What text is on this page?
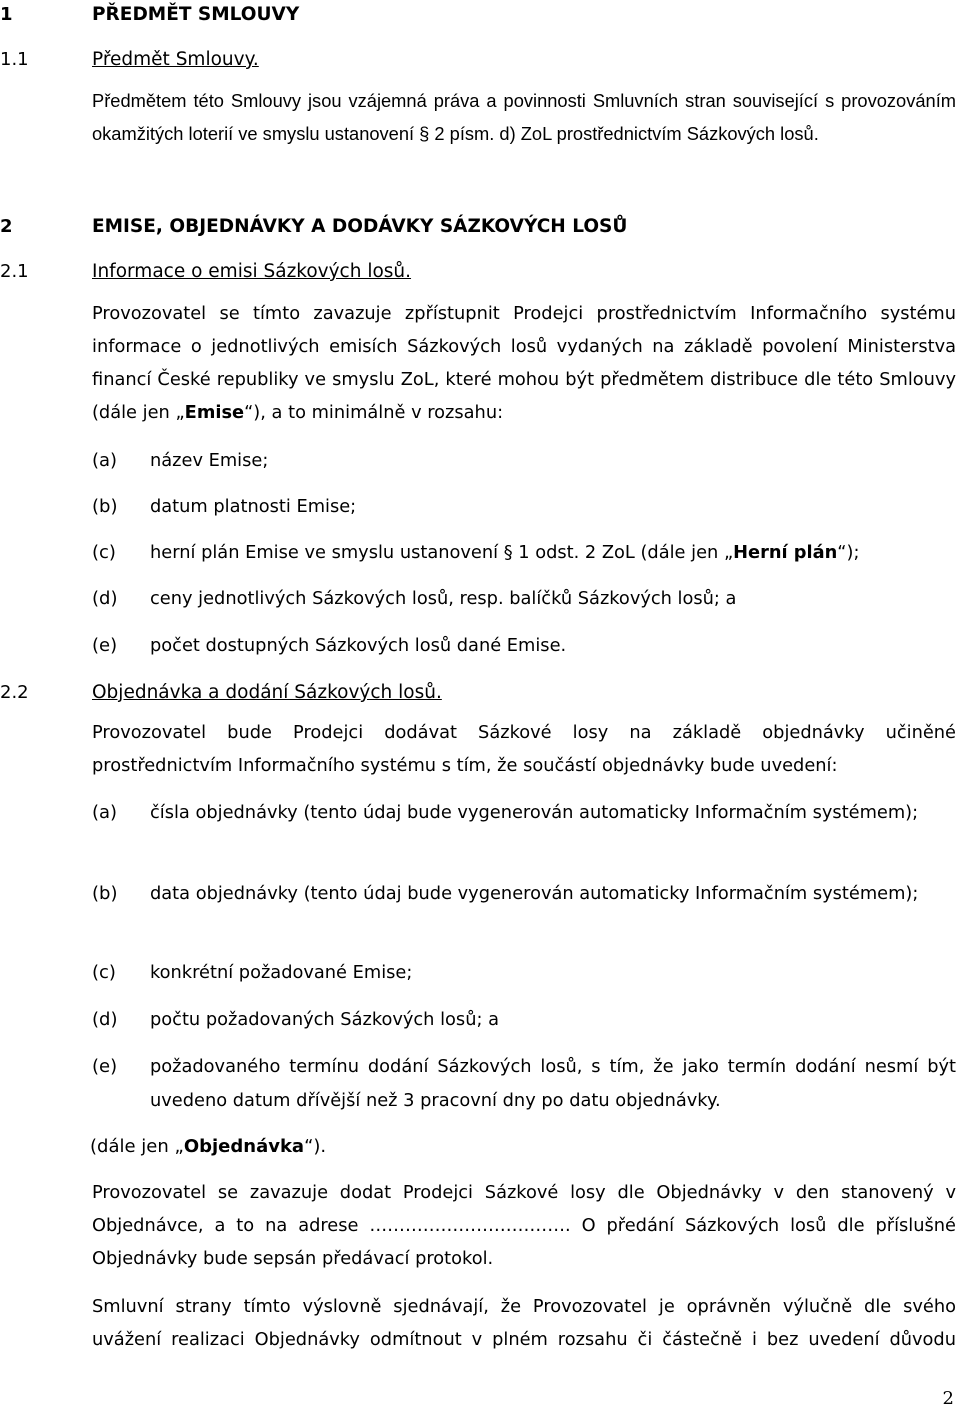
1	PŘEDMĚT SMLOUVY
1.1	Předmět Smlouvy.

Předmětem této Smlouvy jsou vzájemná práva a povinnosti Smluvních stran související s provozováním okamžitých loterií ve smyslu ustanovení § 2 písm. d) ZoL prostřednictvím Sázkových losů.

2	EMISE, OBJEDNÁVKY A DODÁVKY SÁZKOVÝCH LOSŮ
2.1	Informace o emisi Sázkových losů.

Provozovatel se tímto zavazuje zpřístupnit Prodejci prostřednictvím Informačního systému informace o jednotlivých emisích Sázkových losů vydaných na základě povolení Ministerstva financí České republiky ve smyslu ZoL, které mohou být předmětem distribuce dle této Smlouvy (dále jen „Emise“), a to minimálně v rozsahu:

(a) název Emise;
(b) datum platnosti Emise;
(c) herní plán Emise ve smyslu ustanovení § 1 odst. 2 ZoL (dále jen „Herní plán“);
(d) ceny jednotlivých Sázkových losů, resp. balíčků Sázkových losů; a
(e) počet dostupných Sázkových losů dané Emise.
2.2	Objednávka a dodání Sázkových losů.

Provozovatel bude Prodejci dodávat Sázkové losy na základě objednávky učiněné prostřednictvím Informačního systému s tím, že součástí objednávky bude uvedení:

(a) čísla objednávky (tento údaj bude vygenerován automaticky Informačním systémem);
(b) data objednávky (tento údaj bude vygenerován automaticky Informačním systémem);
(c) konkrétní požadované Emise;
(d) počtu požadovaných Sázkových losů; a
(e) požadovaného termínu dodání Sázkových losů, s tím, že jako termín dodání nesmí být uvedeno datum dřívější než 3 pracovní dny po datu objednávky.
(dále jen „Objednávka“).

Provozovatel se zavazuje dodat Prodejci Sázkové losy dle Objednávky v den stanovený v Objednávce, a to na adrese ……………………………. O předání Sázkových losů dle příslušné Objednávky bude sepsán předávací protokol.

Smluvní strany tímto výslovně sjednávají, že Provozovatel je oprávněn výlučně dle svého uvážení realizaci Objednávky odmítnout v plném rozsahu či částečně i bez uvedení důvodu

2
